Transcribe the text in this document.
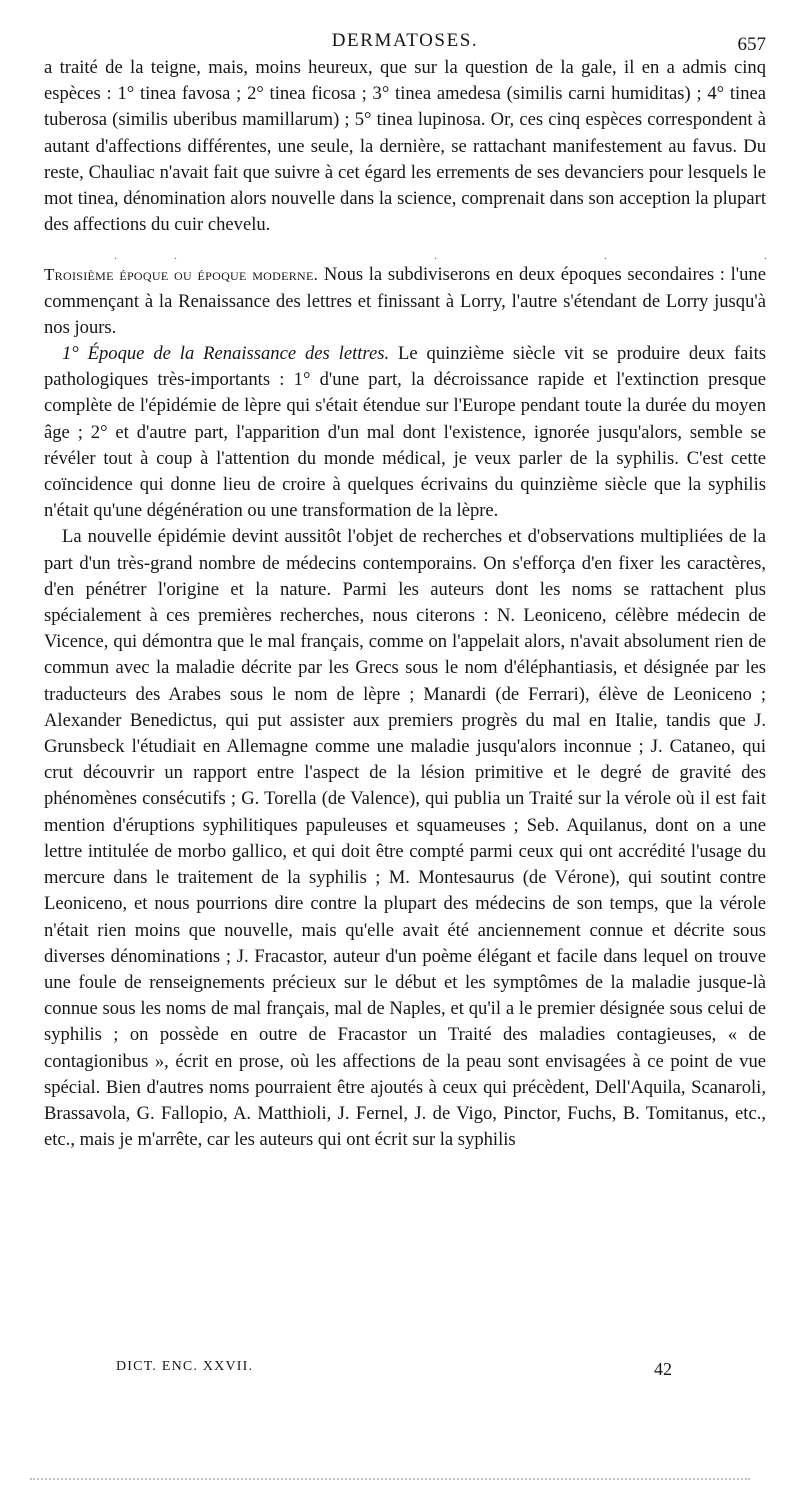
DERMATOSES.	657

a traité de la teigne, mais, moins heureux, que sur la question de la gale, il en a admis cinq espèces : 1° tinea favosa ; 2° tinea ficosa ; 3° tinea amedesa (similis carni humiditas) ; 4° tinea tuberosa (similis uberibus mamillarum) ; 5° tinea lupinosa. Or, ces cinq espèces correspondent à autant d'affections différentes, une seule, la dernière, se rattachant manifestement au favus. Du reste, Chauliac n'avait fait que suivre à cet égard les errements de ses devanciers pour lesquels le mot tinea, dénomination alors nouvelle dans la science, comprenait dans son acception la plupart des affections du cuir chevelu.

.	.	.	.	.

Troisième époque ou époque moderne. Nous la subdiviserons en deux époques secondaires : l'une commençant à la Renaissance des lettres et finissant à Lorry, l'autre s'étendant de Lorry jusqu'à nos jours.

1° Époque de la Renaissance des lettres. Le quinzième siècle vit se produire deux faits pathologiques très-importants : 1° d'une part, la décroissance rapide et l'extinction presque complète de l'épidémie de lèpre qui s'était étendue sur l'Europe pendant toute la durée du moyen âge ; 2° et d'autre part, l'apparition d'un mal dont l'existence, ignorée jusqu'alors, semble se révéler tout à coup à l'attention du monde médical, je veux parler de la syphilis. C'est cette coïncidence qui donne lieu de croire à quelques écrivains du quinzième siècle que la syphilis n'était qu'une dégénération ou une transformation de la lèpre.

La nouvelle épidémie devint aussitôt l'objet de recherches et d'observations multipliées de la part d'un très-grand nombre de médecins contemporains. On s'efforça d'en fixer les caractères, d'en pénétrer l'origine et la nature. Parmi les auteurs dont les noms se rattachent plus spécialement à ces premières recherches, nous citerons : N. Leoniceno, célèbre médecin de Vicence, qui démontra que le mal français, comme on l'appelait alors, n'avait absolument rien de commun avec la maladie décrite par les Grecs sous le nom d'éléphantiasis, et désignée par les traducteurs des Arabes sous le nom de lèpre ; Manardi (de Ferrari), élève de Leoniceno ; Alexander Benedictus, qui put assister aux premiers progrès du mal en Italie, tandis que J. Grunsbeck l'étudiait en Allemagne comme une maladie jusqu'alors inconnue ; J. Cataneo, qui crut découvrir un rapport entre l'aspect de la lésion primitive et le degré de gravité des phénomènes consécutifs ; G. Torella (de Valence), qui publia un Traité sur la vérole où il est fait mention d'éruptions syphilitiques papuleuses et squameuses ; Seb. Aquilanus, dont on a une lettre intitulée de morbo gallico, et qui doit être compté parmi ceux qui ont accrédité l'usage du mercure dans le traitement de la syphilis ; M. Montesaurus (de Vérone), qui soutint contre Leoniceno, et nous pourrions dire contre la plupart des médecins de son temps, que la vérole n'était rien moins que nouvelle, mais qu'elle avait été anciennement connue et décrite sous diverses dénominations ; J. Fracastor, auteur d'un poème élégant et facile dans lequel on trouve une foule de renseignements précieux sur le début et les symptômes de la maladie jusque-là connue sous les noms de mal français, mal de Naples, et qu'il a le premier désignée sous celui de syphilis ; on possède en outre de Fracastor un Traité des maladies contagieuses, « de contagionibus », écrit en prose, où les affections de la peau sont envisagées à ce point de vue spécial. Bien d'autres noms pourraient être ajoutés à ceux qui précèdent, Dell'Aquila, Scanaroli, Brassavola, G. Fallopio, A. Matthioli, J. Fernel, J. de Vigo, Pinctor, Fuchs, B. Tomitanus, etc., etc., mais je m'arrête, car les auteurs qui ont écrit sur la syphilis

DICT. ENC. XXVII.	42
